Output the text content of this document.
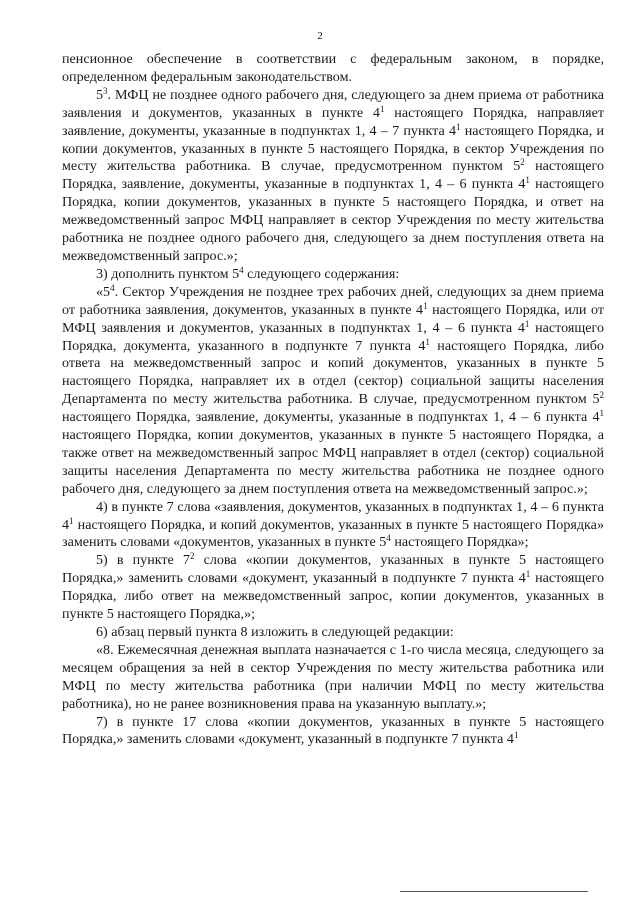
2

пенсионное обеспечение в соответствии с федеральным законом, в порядке, определенном федеральным законодательством.

$5^3$. МФЦ не позднее одного рабочего дня, следующего за днем приема от работника заявления и документов, указанных в пункте $4^1$ настоящего Порядка, направляет заявление, документы, указанные в подпунктах 1, 4 – 7 пункта $4^1$ настоящего Порядка, и копии документов, указанных в пункте 5 настоящего Порядка, в сектор Учреждения по месту жительства работника. В случае, предусмотренном пунктом $5^2$ настоящего Порядка, заявление, документы, указанные в подпунктах 1, 4 – 6 пункта $4^1$ настоящего Порядка, копии документов, указанных в пункте 5 настоящего Порядка, и ответ на межведомственный запрос МФЦ направляет в сектор Учреждения по месту жительства работника не позднее одного рабочего дня, следующего за днем поступления ответа на межведомственный запрос.»;

3) дополнить пунктом $5^4$ следующего содержания:

«$5^4$. Сектор Учреждения не позднее трех рабочих дней, следующих за днем приема от работника заявления, документов, указанных в пункте $4^1$ настоящего Порядка, или от МФЦ заявления и документов, указанных в подпунктах 1, 4 – 6 пункта $4^1$ настоящего Порядка, документа, указанного в подпункте 7 пункта $4^1$ настоящего Порядка, либо ответа на межведомственный запрос и копий документов, указанных в пункте 5 настоящего Порядка, направляет их в отдел (сектор) социальной защиты населения Департамента по месту жительства работника. В случае, предусмотренном пунктом $5^2$ настоящего Порядка, заявление, документы, указанные в подпунктах 1, 4 – 6 пункта $4^1$ настоящего Порядка, копии документов, указанных в пункте 5 настоящего Порядка, а также ответ на межведомственный запрос МФЦ направляет в отдел (сектор) социальной защиты населения Департамента по месту жительства работника не позднее одного рабочего дня, следующего за днем поступления ответа на межведомственный запрос.»;

4) в пункте 7 слова «заявления, документов, указанных в подпунктах 1, 4 – 6 пункта $4^1$ настоящего Порядка, и копий документов, указанных в пункте 5 настоящего Порядка» заменить словами «документов, указанных в пункте $5^4$ настоящего Порядка»;

5) в пункте $7^2$ слова «копии документов, указанных в пункте 5 настоящего Порядка,» заменить словами «документ, указанный в подпункте 7 пункта $4^1$ настоящего Порядка, либо ответ на межведомственный запрос, копии документов, указанных в пункте 5 настоящего Порядка,»;

6) абзац первый пункта 8 изложить в следующей редакции:

«8. Ежемесячная денежная выплата назначается с 1-го числа месяца, следующего за месяцем обращения за ней в сектор Учреждения по месту жительства работника или МФЦ по месту жительства работника (при наличии МФЦ по месту жительства работника), но не ранее возникновения права на указанную выплату.»;

7) в пункте 17 слова «копии документов, указанных в пункте 5 настоящего Порядка,» заменить словами «документ, указанный в подпункте 7 пункта $4^1$
